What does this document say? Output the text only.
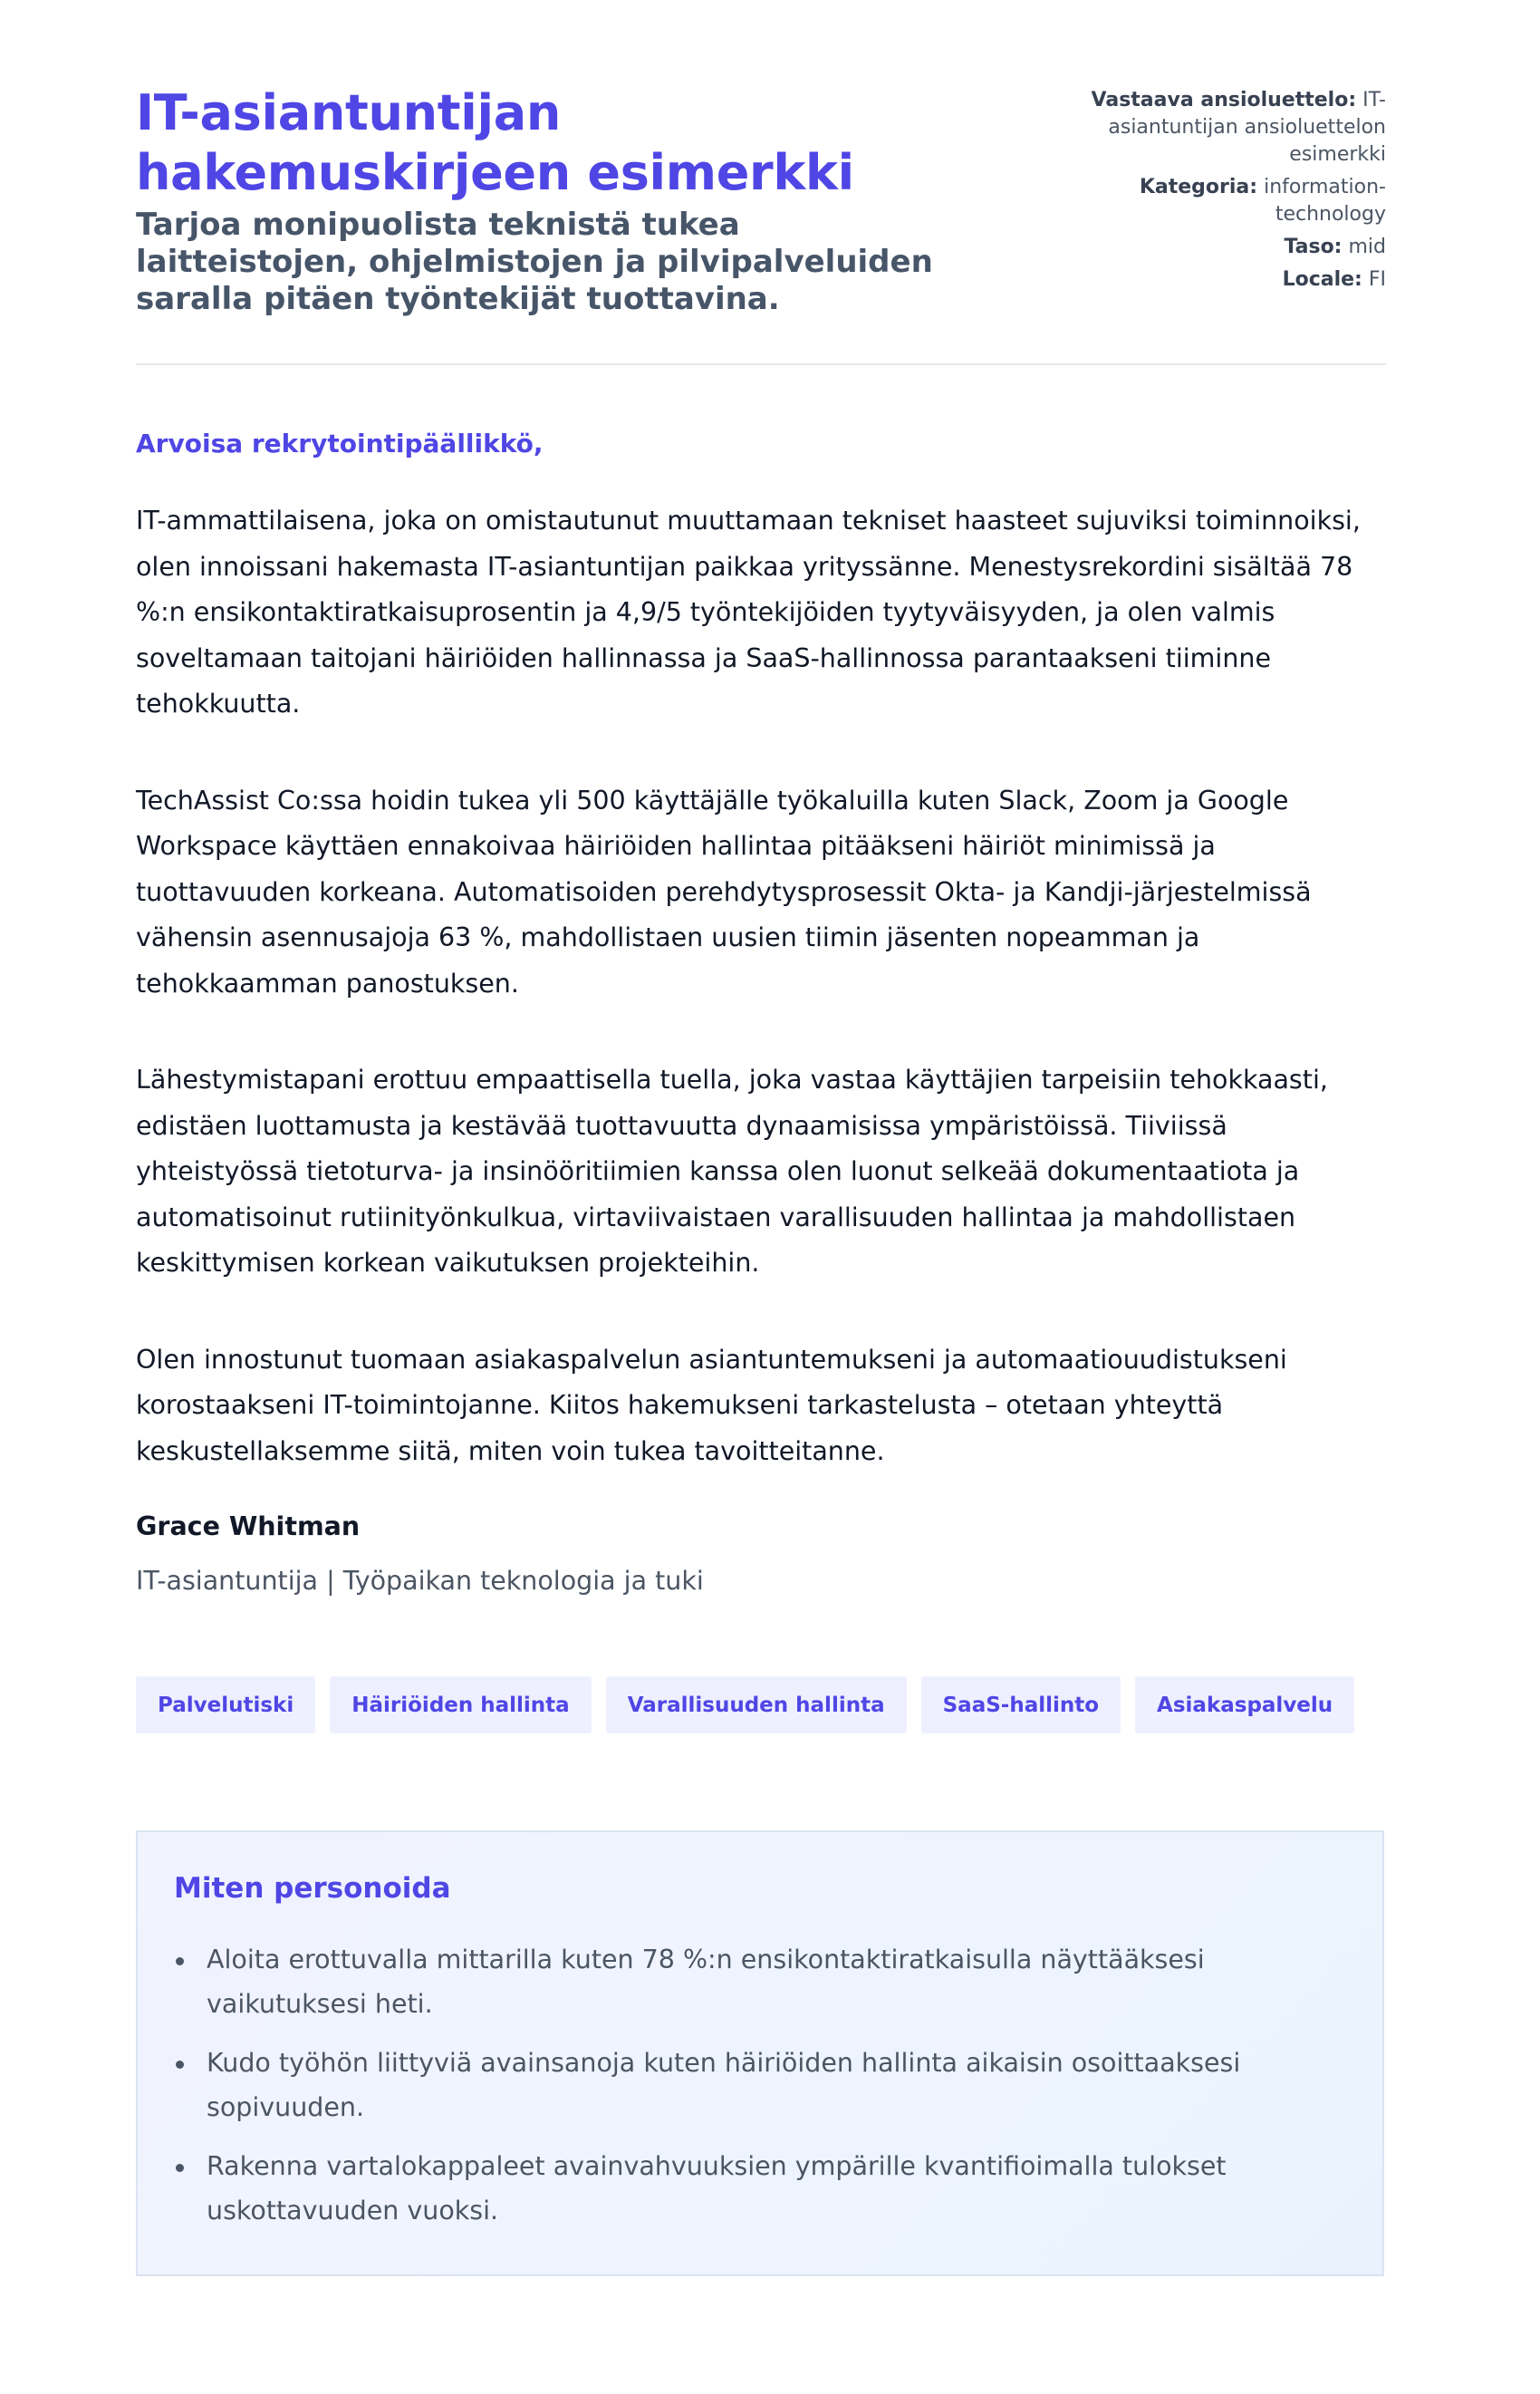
IT-asiantuntijan hakemuskirjeen esimerkki
Tarjoa monipuolista teknistä tukea laitteistojen, ohjelmistojen ja pilvipalveluiden saralla pitäen työntekijät tuottavina.
Vastaava ansioluettelo: IT-asiantuntijan ansioluettelon esimerkki
Kategoria: information-technology
Taso: mid
Locale: FI

Arvoisa rekrytointipäällikkö,

IT-ammattilaisena, joka on omistautunut muuttamaan tekniset haasteet sujuviksi toiminnoiksi, olen innoissani hakemasta IT-asiantuntijan paikkaa yrityssänne. Menestysrekordini sisältää 78 %:n ensikontaktiratkaisuprosentin ja 4,9/5 työntekijöiden tyytyväisyyden, ja olen valmis soveltamaan taitojani häiriöiden hallinnassa ja SaaS-hallinnossa parantaakseni tiiminne tehokkuutta.

TechAssist Co:ssa hoidin tukea yli 500 käyttäjälle työkaluilla kuten Slack, Zoom ja Google Workspace käyttäen ennakoivaa häiriöiden hallintaa pitääkseni häiriöt minimissä ja tuottavuuden korkeana. Automatisoiden perehdytysprosessit Okta- ja Kandji-järjestelmissä vähensin asennusajoja 63 %, mahdollistaen uusien tiimin jäsenten nopeamman ja tehokkaamman panostuksen.

Lähestymistapani erottuu empaattisella tuella, joka vastaa käyttäjien tarpeisiin tehokkaasti, edistäen luottamusta ja kestävää tuottavuutta dynaamisissa ympäristöissä. Tiiviissä yhteistyössä tietoturva- ja insinööritiimien kanssa olen luonut selkeää dokumentaatiota ja automatisoinut rutiinityönkulkua, virtaviivaistaen varallisuuden hallintaa ja mahdollistaen keskittymisen korkean vaikutuksen projekteihin.

Olen innostunut tuomaan asiakaspalvelun asiantuntemukseni ja automaatiouudistukseni korostaakseni IT-toimintojanne. Kiitos hakemukseni tarkastelusta – otetaan yhteyttä keskustellaksemme siitä, miten voin tukea tavoitteitanne.

Grace Whitman

IT-asiantuntija | Työpaikan teknologia ja tuki

Palvelutiski	Häiriöiden hallinta	Varallisuuden hallinta	SaaS-hallinto	Asiakaspalvelu
Miten personoida
Aloita erottuvalla mittarilla kuten 78 %:n ensikontaktiratkaisulla näyttääksesi vaikutuksesi heti.
Kudo työhön liittyviä avainsanoja kuten häiriöiden hallinta aikaisin osoittaaksesi sopivuuden.
Rakenna vartalokappaleet avainvahvuuksien ympärille kvantifioimalla tulokset uskottavuuden vuoksi.
